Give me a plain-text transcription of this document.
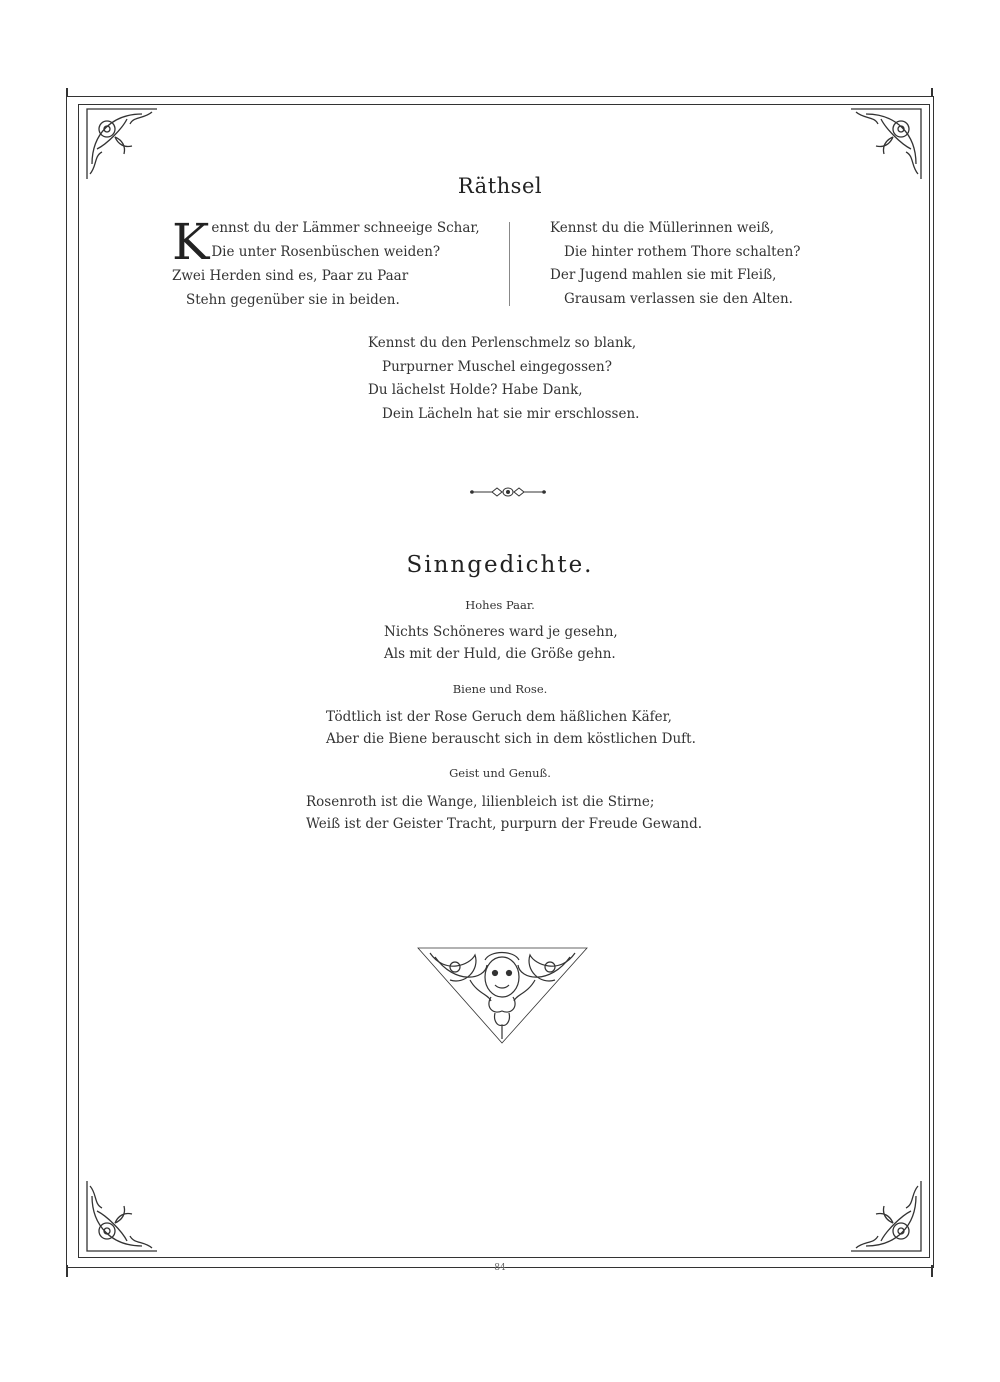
Räthsel
K ennst du der Lämmer schneeige Schar,
Die unter Rosenbüschen weiden?
Zwei Herden sind es, Paar zu Paar
Stehn gegenüber sie in beiden.
Kennst du die Müllerinnen weiß,
Die hinter rothem Thore schalten?
Der Jugend mahlen sie mit Fleiß,
Grausam verlassen sie den Alten.
Kennst du den Perlenschmelz so blank,
Purpurner Muschel eingegossen?
Du lächelst Holde? Habe Dank,
Dein Lächeln hat sie mir erschlossen.
Sinngedichte.
Hohes Paar.
Nichts Schöneres ward je gesehn,
Als mit der Huld, die Größe gehn.
Biene und Rose.
Tödtlich ist der Rose Geruch dem häßlichen Käfer,
Aber die Biene berauscht sich in dem köstlichen Duft.
Geist und Genuß.
Rosenroth ist die Wange, lilienbleich ist die Stirne;
Weiß ist der Geister Tracht, purpurn der Freude Gewand.
84
